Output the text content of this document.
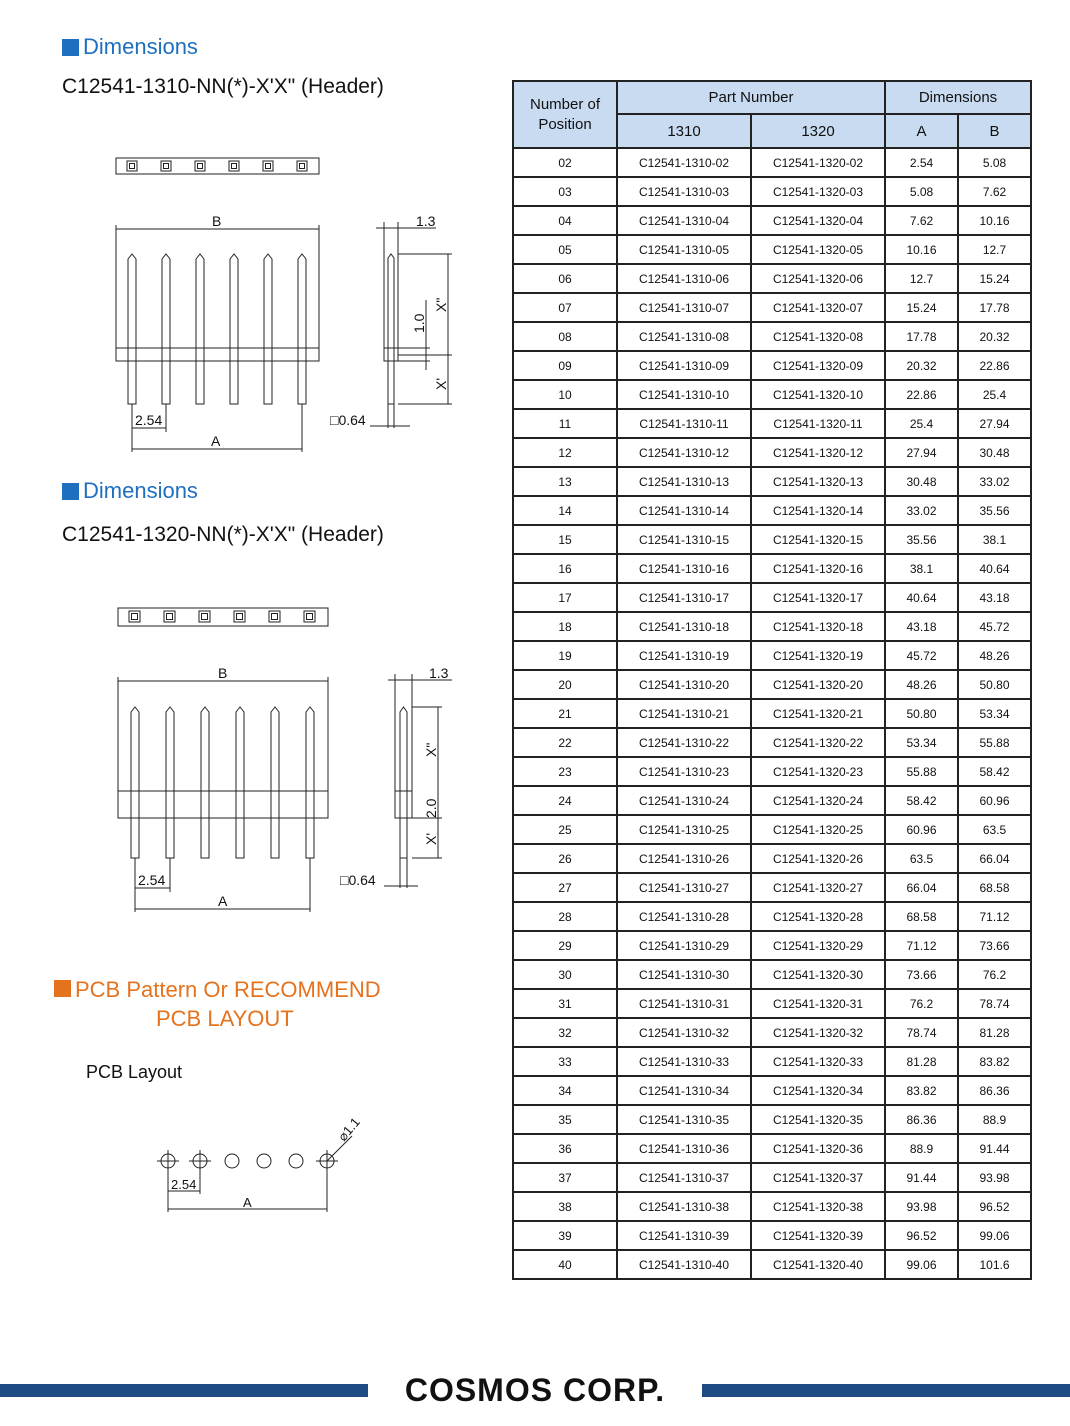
Dimensions
C12541-1310-NN(*)-X'X" (Header)
Dimensions
C12541-1320-NN(*)-X'X" (Header)
PCB Pattern Or RECOMMEND
PCB LAYOUT
PCB Layout
B
A
2.54
1.3
□0.64
1.0
X"
X'
B
A
2.54
1.3
□0.64
2.0
X"
X'
⌀1.1
2.54
A
Number of Position	Part Number		Dimensions	
	1310	1320	A	B
02	C12541-1310-02	C12541-1320-02	2.54	5.08
03	C12541-1310-03	C12541-1320-03	5.08	7.62
04	C12541-1310-04	C12541-1320-04	7.62	10.16
05	C12541-1310-05	C12541-1320-05	10.16	12.7
06	C12541-1310-06	C12541-1320-06	12.7	15.24
07	C12541-1310-07	C12541-1320-07	15.24	17.78
08	C12541-1310-08	C12541-1320-08	17.78	20.32
09	C12541-1310-09	C12541-1320-09	20.32	22.86
10	C12541-1310-10	C12541-1320-10	22.86	25.4
11	C12541-1310-11	C12541-1320-11	25.4	27.94
12	C12541-1310-12	C12541-1320-12	27.94	30.48
13	C12541-1310-13	C12541-1320-13	30.48	33.02
14	C12541-1310-14	C12541-1320-14	33.02	35.56
15	C12541-1310-15	C12541-1320-15	35.56	38.1
16	C12541-1310-16	C12541-1320-16	38.1	40.64
17	C12541-1310-17	C12541-1320-17	40.64	43.18
18	C12541-1310-18	C12541-1320-18	43.18	45.72
19	C12541-1310-19	C12541-1320-19	45.72	48.26
20	C12541-1310-20	C12541-1320-20	48.26	50.80
21	C12541-1310-21	C12541-1320-21	50.80	53.34
22	C12541-1310-22	C12541-1320-22	53.34	55.88
23	C12541-1310-23	C12541-1320-23	55.88	58.42
24	C12541-1310-24	C12541-1320-24	58.42	60.96
25	C12541-1310-25	C12541-1320-25	60.96	63.5
26	C12541-1310-26	C12541-1320-26	63.5	66.04
27	C12541-1310-27	C12541-1320-27	66.04	68.58
28	C12541-1310-28	C12541-1320-28	68.58	71.12
29	C12541-1310-29	C12541-1320-29	71.12	73.66
30	C12541-1310-30	C12541-1320-30	73.66	76.2
31	C12541-1310-31	C12541-1320-31	76.2	78.74
32	C12541-1310-32	C12541-1320-32	78.74	81.28
33	C12541-1310-33	C12541-1320-33	81.28	83.82
34	C12541-1310-34	C12541-1320-34	83.82	86.36
35	C12541-1310-35	C12541-1320-35	86.36	88.9
36	C12541-1310-36	C12541-1320-36	88.9	91.44
37	C12541-1310-37	C12541-1320-37	91.44	93.98
38	C12541-1310-38	C12541-1320-38	93.98	96.52
39	C12541-1310-39	C12541-1320-39	96.52	99.06
40	C12541-1310-40	C12541-1320-40	99.06	101.6
COSMOS CORP.
